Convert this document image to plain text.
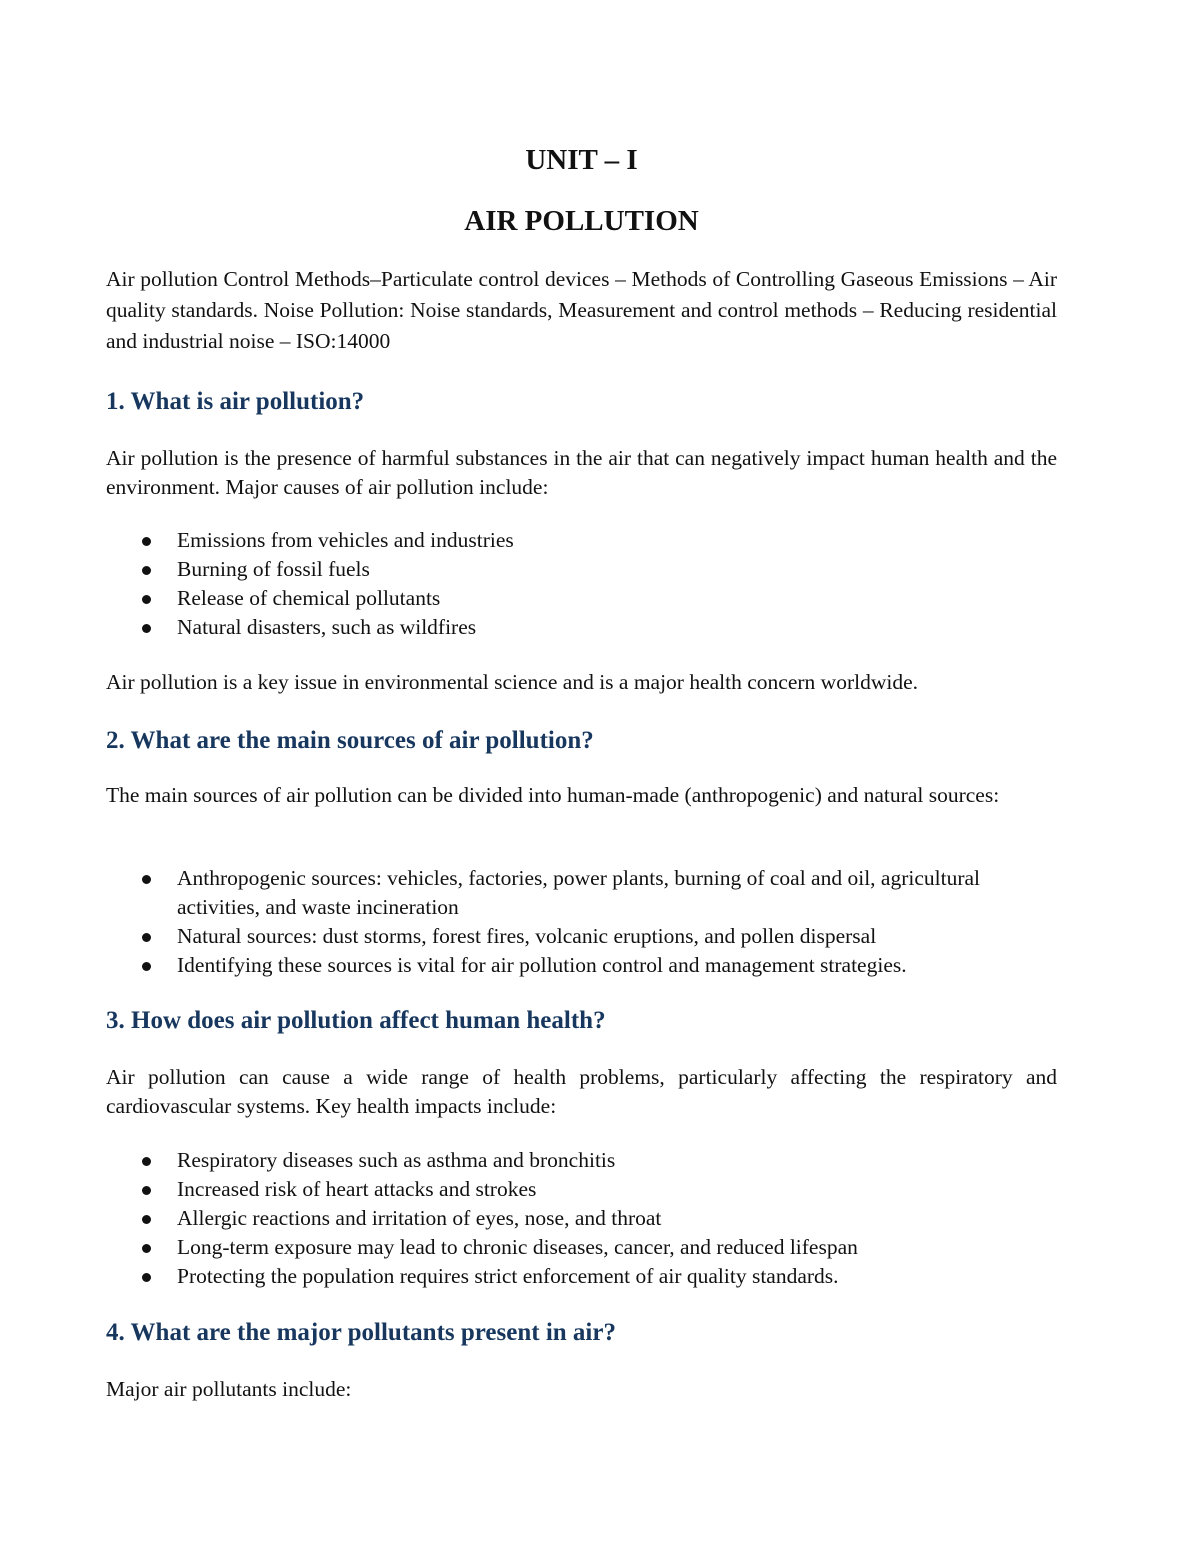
UNIT – I
AIR POLLUTION
Air pollution Control Methods–Particulate control devices – Methods of Controlling Gaseous Emissions – Air quality standards. Noise Pollution: Noise standards, Measurement and control methods – Reducing residential and industrial noise – ISO:14000
1. What is air pollution?
Air pollution is the presence of harmful substances in the air that can negatively impact human health and the environment. Major causes of air pollution include:
Emissions from vehicles and industries
Burning of fossil fuels
Release of chemical pollutants
Natural disasters, such as wildfires
Air pollution is a key issue in environmental science and is a major health concern worldwide.
2. What are the main sources of air pollution?
The main sources of air pollution can be divided into human-made (anthropogenic) and natural sources:
Anthropogenic sources: vehicles, factories, power plants, burning of coal and oil, agricultural activities, and waste incineration
Natural sources: dust storms, forest fires, volcanic eruptions, and pollen dispersal
Identifying these sources is vital for air pollution control and management strategies.
3. How does air pollution affect human health?
Air pollution can cause a wide range of health problems, particularly affecting the respiratory and cardiovascular systems. Key health impacts include:
Respiratory diseases such as asthma and bronchitis
Increased risk of heart attacks and strokes
Allergic reactions and irritation of eyes, nose, and throat
Long-term exposure may lead to chronic diseases, cancer, and reduced lifespan
Protecting the population requires strict enforcement of air quality standards.
4. What are the major pollutants present in air?
Major air pollutants include:
